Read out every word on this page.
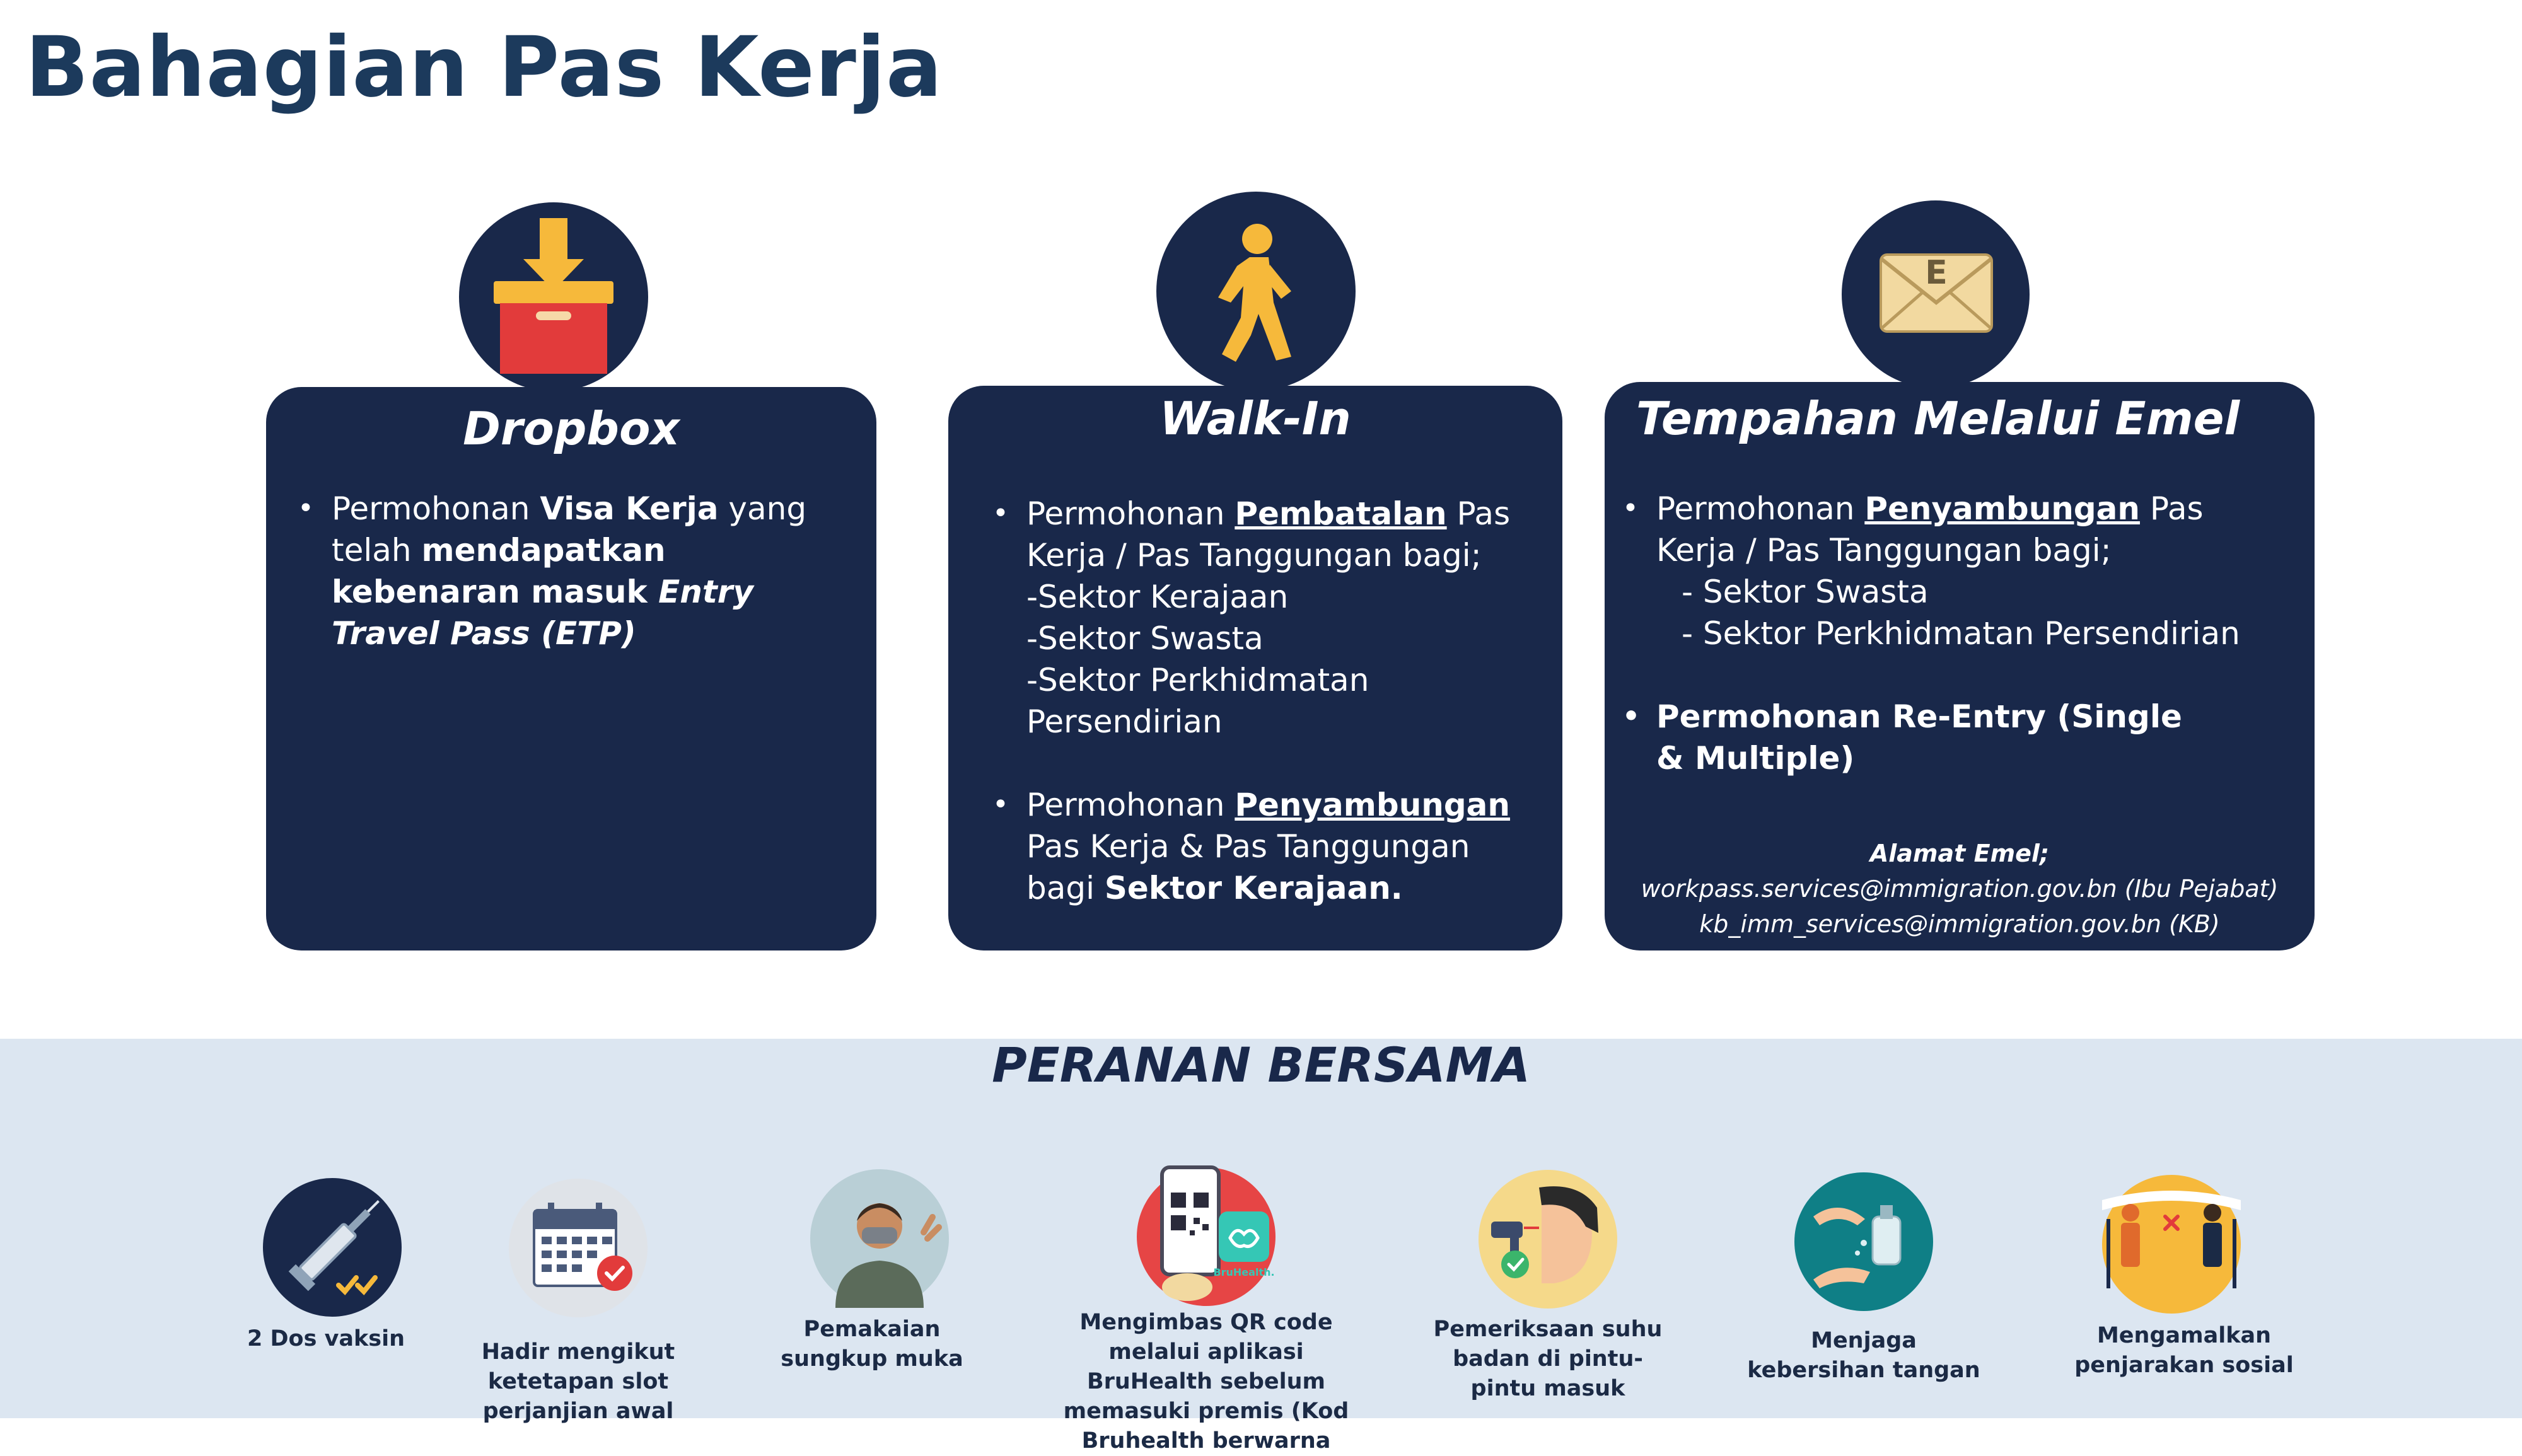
Bahagian Pas Kerja
E
Dropbox
• Permohonan Visa Kerja yang telah mendapatkan kebenaran masuk Entry Travel Pass (ETP)
Walk-In
• Permohonan Pembatalan Pas Kerja / Pas Tanggungan bagi;
-Sektor Kerajaan
-Sektor Swasta
-Sektor Perkhidmatan Persendirian
• Permohonan Penyambungan Pas Kerja & Pas Tanggungan bagi Sektor Kerajaan.
Tempahan Melalui Emel
• Permohonan Penyambungan Pas Kerja / Pas Tanggungan bagi;
- Sektor Swasta
- Sektor Perkhidmatan Persendirian
• Permohonan Re-Entry (Single & Multiple)
Alamat Emel;
workpass.services@immigration.gov.bn (Ibu Pejabat)
kb_imm_services@immigration.gov.bn (KB)
PERANAN BERSAMA
2 Dos vaksin
Hadir mengikut ketetapan slot perjanjian awal
Pemakaian sungkup muka
BruHealth.
Mengimbas QR code melalui aplikasi BruHealth sebelum memasuki premis (Kod Bruhealth berwarna
Pemeriksaan suhu badan di pintu-pintu masuk
Menjaga kebersihan tangan
Mengamalkan penjarakan sosial
